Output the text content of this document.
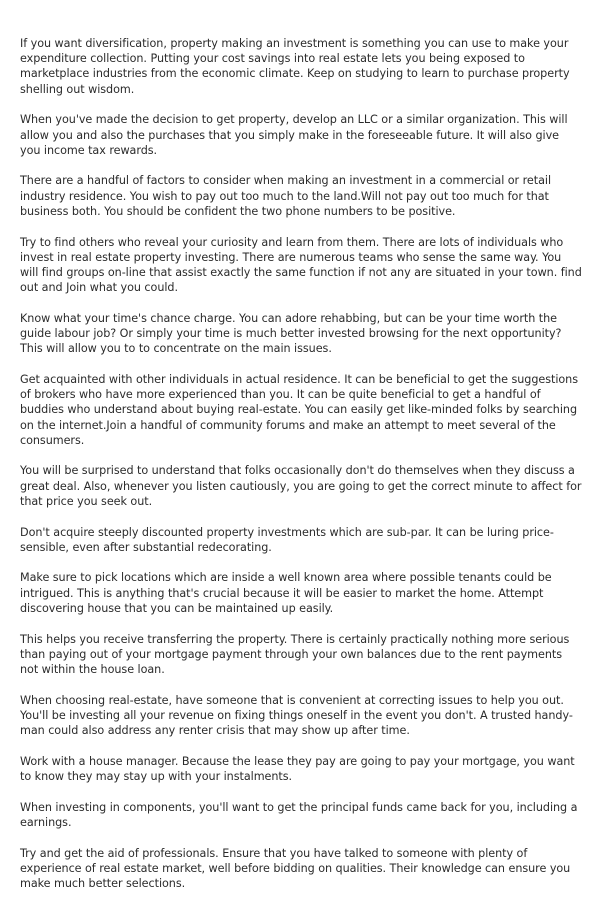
If you want diversification, property making an investment is something you can use to make your expenditure collection. Putting your cost savings into real estate lets you being exposed to marketplace industries from the economic climate. Keep on studying to learn to purchase property shelling out wisdom.

When you've made the decision to get property, develop an LLC or a similar organization. This will allow you and also the purchases that you simply make in the foreseeable future. It will also give you income tax rewards.

There are a handful of factors to consider when making an investment in a commercial or retail industry residence. You wish to pay out too much to the land.Will not pay out too much for that business both. You should be confident the two phone numbers to be positive.

Try to find others who reveal your curiosity and learn from them. There are lots of individuals who invest in real estate property investing. There are numerous teams who sense the same way. You will find groups on-line that assist exactly the same function if not any are situated in your town. find out and Join what you could.

Know what your time's chance charge. You can adore rehabbing, but can be your time worth the guide labour job? Or simply your time is much better invested browsing for the next opportunity? This will allow you to to concentrate on the main issues.

Get acquainted with other individuals in actual residence. It can be beneficial to get the suggestions of brokers who have more experienced than you. It can be quite beneficial to get a handful of buddies who understand about buying real-estate. You can easily get like-minded folks by searching on the internet.Join a handful of community forums and make an attempt to meet several of the consumers.

You will be surprised to understand that folks occasionally don't do themselves when they discuss a great deal. Also, whenever you listen cautiously, you are going to get the correct minute to affect for that price you seek out.

Don't acquire steeply discounted property investments which are sub-par. It can be luring price-sensible, even after substantial redecorating.

Make sure to pick locations which are inside a well known area where possible tenants could be intrigued. This is anything that's crucial because it will be easier to market the home. Attempt discovering house that you can be maintained up easily.

This helps you receive transferring the property. There is certainly practically nothing more serious than paying out of your mortgage payment through your own balances due to the rent payments not within the house loan.

When choosing real-estate, have someone that is convenient at correcting issues to help you out. You'll be investing all your revenue on fixing things oneself in the event you don't. A trusted handy-man could also address any renter crisis that may show up after time.

Work with a house manager. Because the lease they pay are going to pay your mortgage, you want to know they may stay up with your instalments.

When investing in components, you'll want to get the principal funds came back for you, including a earnings.

Try and get the aid of professionals. Ensure that you have talked to someone with plenty of experience of real estate market, well before bidding on qualities. Their knowledge can ensure you make much better selections.
